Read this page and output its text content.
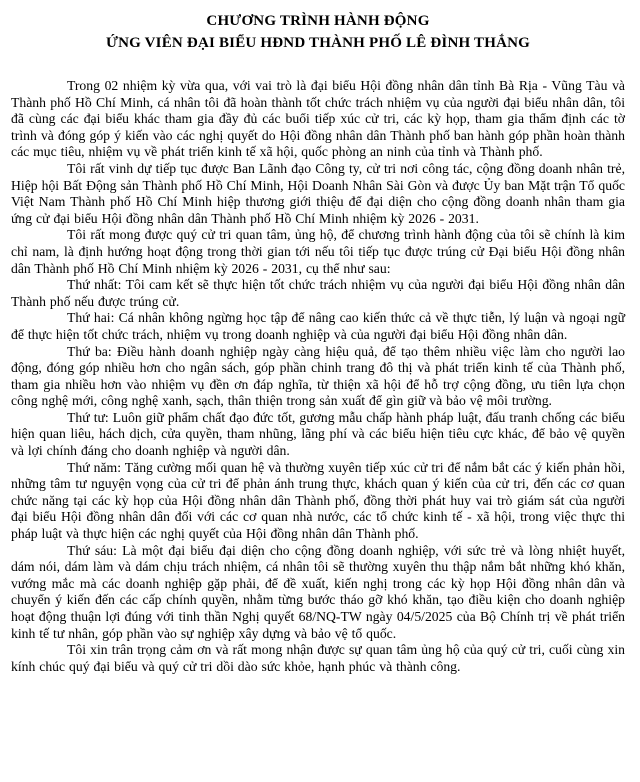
CHƯƠNG TRÌNH HÀNH ĐỘNG
ỨNG VIÊN ĐẠI BIỂU HĐND THÀNH PHỐ LÊ ĐÌNH THẮNG

Trong 02 nhiệm kỳ vừa qua, với vai trò là đại biểu Hội đồng nhân dân tỉnh Bà Rịa - Vũng Tàu và Thành phố Hồ Chí Minh, cá nhân tôi đã hoàn thành tốt chức trách nhiệm vụ của người đại biểu nhân dân, tôi đã cùng các đại biểu khác tham gia đầy đủ các buổi tiếp xúc cử tri, các kỳ họp, tham gia thẩm định các tờ trình và đóng góp ý kiến vào các nghị quyết do Hội đồng nhân dân Thành phố ban hành góp phần hoàn thành các mục tiêu, nhiệm vụ về phát triển kinh tế xã hội, quốc phòng an ninh của tỉnh và Thành phố.

Tôi rất vinh dự tiếp tục được Ban Lãnh đạo Công ty, cử tri nơi công tác, cộng đồng doanh nhân trẻ, Hiệp hội Bất Động sản Thành phố Hồ Chí Minh, Hội Doanh Nhân Sài Gòn và được Ủy ban Mặt trận Tổ quốc Việt Nam Thành phố Hồ Chí Minh hiệp thương giới thiệu để đại diện cho cộng đồng doanh nhân tham gia ứng cử đại biểu Hội đồng nhân dân Thành phố Hồ Chí Minh nhiệm kỳ 2026 - 2031.

Tôi rất mong được quý cử tri quan tâm, ủng hộ, để chương trình hành động của tôi sẽ chính là kim chỉ nam, là định hướng hoạt động trong thời gian tới nếu tôi tiếp tục được trúng cử Đại biểu Hội đồng nhân dân Thành phố Hồ Chí Minh nhiệm kỳ 2026 - 2031, cụ thể như sau:

Thứ nhất: Tôi cam kết sẽ thực hiện tốt chức trách nhiệm vụ của người đại biểu Hội đồng nhân dân Thành phố nếu được trúng cử.

Thứ hai: Cá nhân không ngừng học tập để nâng cao kiến thức cả về thực tiễn, lý luận và ngoại ngữ để thực hiện tốt chức trách, nhiệm vụ trong doanh nghiệp và của người đại biểu Hội đồng nhân dân.

Thứ ba: Điều hành doanh nghiệp ngày càng hiệu quả, để tạo thêm nhiều việc làm cho người lao động, đóng góp nhiều hơn cho ngân sách, góp phần chinh trang đô thị và phát triển kinh tế của Thành phố, tham gia nhiều hơn vào nhiệm vụ đền ơn đáp nghĩa, từ thiện xã hội để hỗ trợ cộng đồng, ưu tiên lựa chọn công nghệ mới, công nghệ xanh, sạch, thân thiện trong sản xuất để gìn giữ và bảo vệ môi trường.

Thứ tư: Luôn giữ phẩm chất đạo đức tốt, gương mẫu chấp hành pháp luật, đấu tranh chống các biểu hiện quan liêu, hách dịch, cửa quyền, tham nhũng, lãng phí và các biểu hiện tiêu cực khác, để bảo vệ quyền và lợi chính đáng cho doanh nghiệp và người dân.

Thứ năm: Tăng cường mối quan hệ và thường xuyên tiếp xúc cử tri để nắm bắt các ý kiến phản hồi, những tâm tư nguyện vọng của cử tri để phản ánh trung thực, khách quan ý kiến của cử tri, đến các cơ quan chức năng tại các kỳ họp của Hội đồng nhân dân Thành phố, đồng thời phát huy vai trò giám sát của người đại biểu Hội đồng nhân dân đối với các cơ quan nhà nước, các tổ chức kinh tế - xã hội, trong việc thực thi pháp luật và thực hiện các nghị quyết của Hội đồng nhân dân Thành phố.

Thứ sáu: Là một đại biểu đại diện cho cộng đồng doanh nghiệp, với sức trẻ và lòng nhiệt huyết, dám nói, dám làm và dám chịu trách nhiệm, cá nhân tôi sẽ thường xuyên thu thập nắm bắt những khó khăn, vướng mắc mà các doanh nghiệp gặp phải, để đề xuất, kiến nghị trong các kỳ họp Hội đồng nhân dân và chuyển ý kiến đến các cấp chính quyền, nhằm từng bước tháo gỡ khó khăn, tạo điều kiện cho doanh nghiệp hoạt động thuận lợi đúng với tinh thần Nghị quyết 68/NQ-TW ngày 04/5/2025 của Bộ Chính trị về phát triển kinh tế tư nhân, góp phần vào sự nghiệp xây dựng và bảo vệ tổ quốc.

Tôi xin trân trọng cảm ơn và rất mong nhận được sự quan tâm ủng hộ của quý cử tri, cuối cùng xin kính chúc quý đại biểu và quý cử tri dồi dào sức khỏe, hạnh phúc và thành công.
